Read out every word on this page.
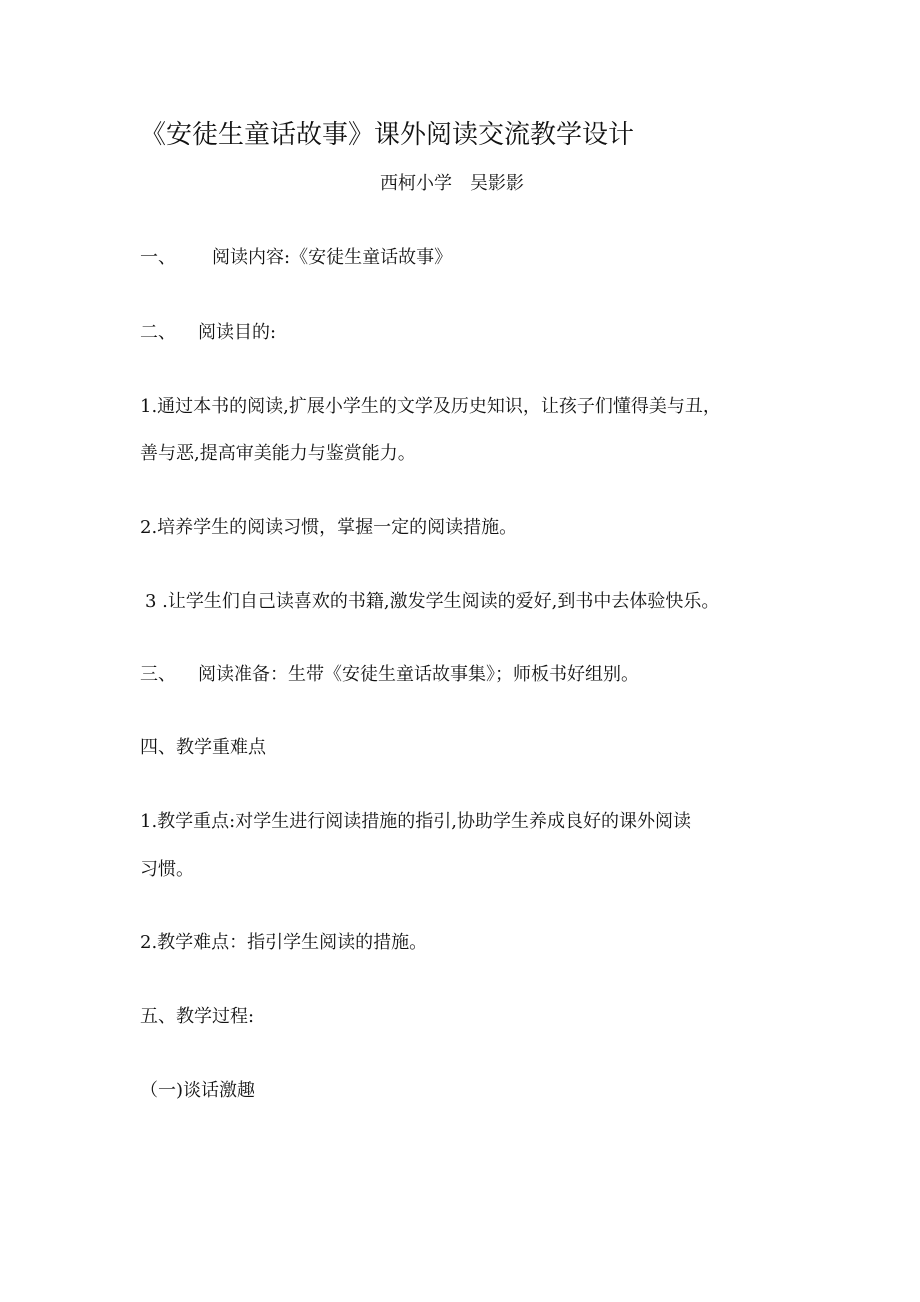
《安徒生童话故事》课外阅读交流教学设计
西柯小学 吴影影
一、 阅读内容:《安徒生童话故事》
二、 阅读目的:
1.通过本书的阅读,扩展小学生的文学及历史知识，让孩子们懂得美与丑，
善与恶,提高审美能力与鉴赏能力。
2.培养学生的阅读习惯，掌握一定的阅读措施。
3 .让学生们自己读喜欢的书籍,激发学生阅读的爱好,到书中去体验快乐。
三、 阅读准备：生带《安徒生童话故事集》；师板书好组别。
四、教学重难点
1.教学重点:对学生进行阅读措施的指引,协助学生养成良好的课外阅读
习惯。
2.教学难点：指引学生阅读的措施。
五、教学过程:
（一)谈话激趣
